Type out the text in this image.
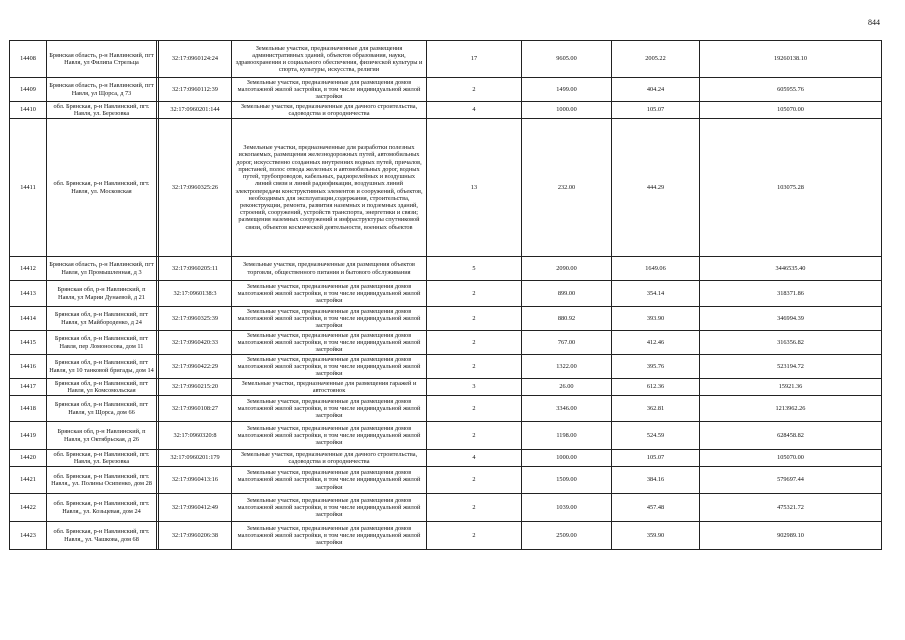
844
14408	Брянская область, р-н Навлинский, пгт Навля, ул Филипа Стрельца		32:17:0960124:24	Земельные участки, предназначенные для размещения административных зданий, объектов образования, науки, здравоохранения и социального обеспечения, физической культуры и спорта, культуры, искусства, религии	17	9605.00	2005.22	19260138.10
14409	Брянская область, р-н Навлинский, пгт Навля, ул Щорса, д 73		32:17:0960112:39	Земельные участки, предназначенные для размещения домов малоэтажной жилой застройки, в том числе индивидуальной жилой застройки	2	1499.00	404.24	605955.76
14410	обл. Брянская, р-н Навлинский, пгт. Навля, ул. Березовка		32:17:0960201:144	Земельные участки, предназначенные для дачного строительства, садоводства и огородничества	4	1000.00	105.07	105070.00
14411	обл. Брянская, р-н Навлинский, пгт. Навля, ул. Московская		32:17:0960325:26	Земельные участки, предназначенные для разработки полезных ископаемых, размещения железнодорожных путей, автомобильных дорог, искусственно созданных внутренних водных путей, причалов, пристаней, полос отвода железных и автомобильных дорог, водных путей, трубопроводов, кабельных, радиорелейных и воздушных линий связи и линий радиофикации, воздушных линий электропередачи конструктивных элементов и сооружений, объектов, необходимых для эксплуатации,содержания, строительства, реконструкции, ремонта, развития наземных и подземных зданий, строений, сооружений, устройств транспорта, энергетики и связи; размещения наземных сооружений и инфраструктуры спутниковой связи, объектов космической деятельности, военных объектов	13	232.00	444.29	103075.28
14412	Брянская область, р-н Навлинский, пгт Навля, ул Промышленная, д 3		32:17:0960205:11	Земельные участки, предназначенные для размещения объектов торговли, общественного питания и бытового обслуживания	5	2090.00	1649.06	3446535.40
14413	Брянская обл, р-н Навлинский, п Навля, ул Марии Дунаевой, д 21		32:17:0960138:3	Земельные участки, предназначенные для размещения домов малоэтажной жилой застройки, в том числе индивидуальной жилой застройки	2	899.00	354.14	318371.86
14414	Брянская обл, р-н Навлинский, пгт Навля, ул Майбороденко, д 24		32:17:0960325:39	Земельные участки, предназначенные для размещения домов малоэтажной жилой застройки, в том числе индивидуальной жилой застройки	2	880.92	393.90	346994.39
14415	Брянская обл, р-н Навлинский, пгт Навля, пер Ломоносова, дом 11		32:17:0960420:33	Земельные участки, предназначенные для размещения домов малоэтажной жилой застройки, в том числе индивидуальной жилой застройки	2	767.00	412.46	316356.82
14416	Брянская обл, р-н Навлинский, пгт Навля, ул 10 танковой бригады, дом 14		32:17:0960422:29	Земельные участки, предназначенные для размещения домов малоэтажной жилой застройки, в том числе индивидуальной жилой застройки	2	1322.00	395.76	523194.72
14417	Брянская обл, р-н Навлинский, пгт Навля, ул Комсомольская		32:17:0960215:20	Земельные участки, предназначенные для размещения гаражей и автостоянок	3	26.00	612.36	15921.36
14418	Брянская обл, р-н Навлинский, пгт Навля, ул Щорса, дом 66		32:17:0960108:27	Земельные участки, предназначенные для размещения домов малоэтажной жилой застройки, в том числе индивидуальной жилой застройки	2	3346.00	362.81	1213962.26
14419	Брянская обл, р-н Навлинский, п Навля, ул Октябрьская, д 26		32:17:0960320:8	Земельные участки, предназначенные для размещения домов малоэтажной жилой застройки, в том числе индивидуальной жилой застройки	2	1198.00	524.59	628458.82
14420	обл. Брянская, р-н Навлинский, пгт. Навля, ул. Березовка		32:17:0960201:179	Земельные участки, предназначенные для дачного строительства, садоводства и огородничества	4	1000.00	105.07	105070.00
14421	обл. Брянская, р-н Навлинский, пгт. Навля,, ул. Полины Осипенко, дом 28		32:17:0960413:16	Земельные участки, предназначенные для размещения домов малоэтажной жилой застройки, в том числе индивидуальной жилой застройки	2	1509.00	384.16	579697.44
14422	обл. Брянская, р-н Навлинский, пгт. Навля,, ул. Козьцевая, дом 24		32:17:0960412:49	Земельные участки, предназначенные для размещения домов малоэтажной жилой застройки, в том числе индивидуальной жилой застройки	2	1039.00	457.48	475321.72
14423	обл. Брянская, р-н Навлинский, пгт. Навля,, ул. Чашкова, дом 68		32:17:0960206:38	Земельные участки, предназначенные для размещения домов малоэтажной жилой застройки, в том числе индивидуальной жилой застройки	2	2509.00	359.90	902989.10
